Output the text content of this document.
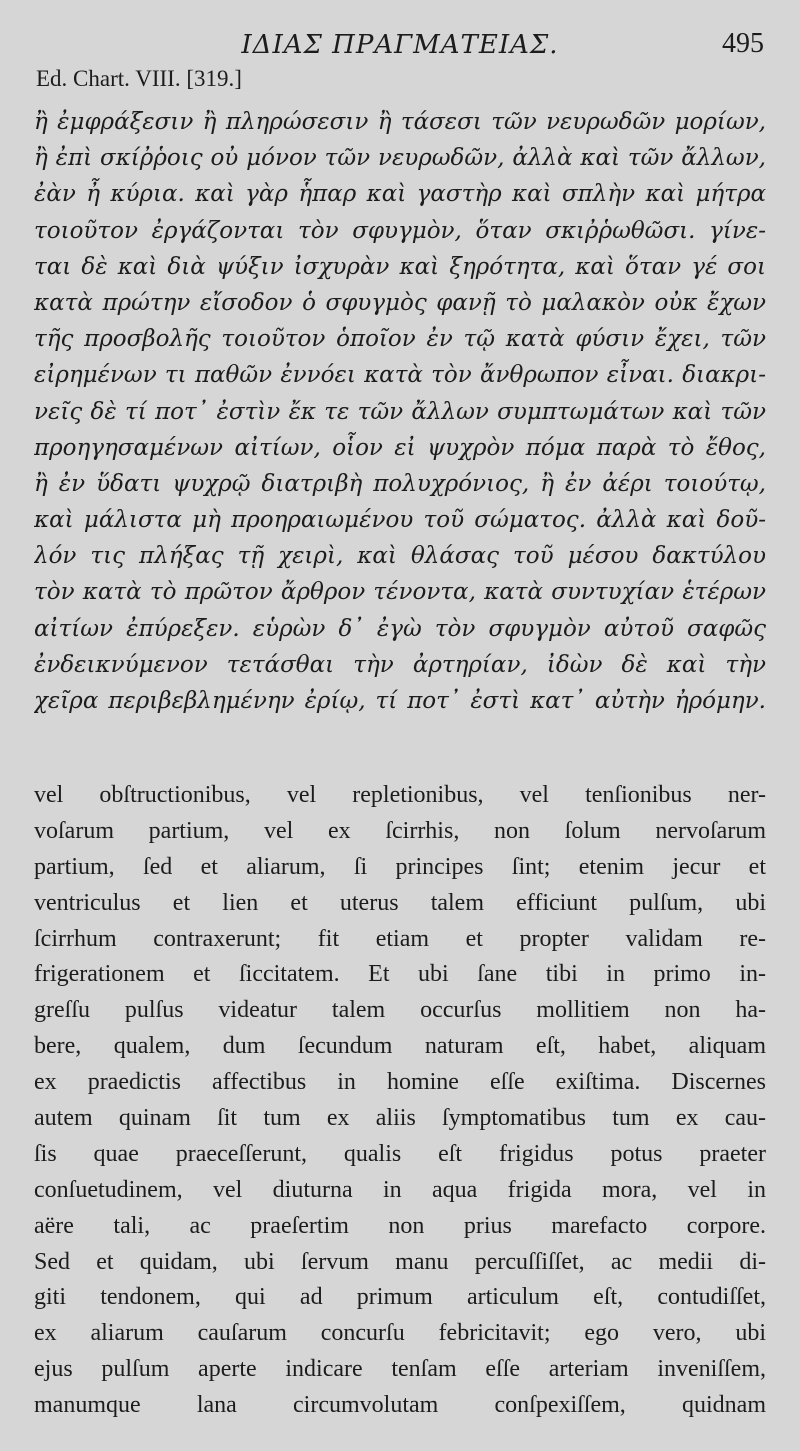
ΙΔΙΑΣ ΠΡΑΓΜΑΤΕΙΑΣ.	495
Ed. Chart. VIII. [319.]
ἢ ἐμφράξεσιν ἢ πληρώσεσιν ἢ τάσεσι τῶν νευρωδῶν μορίων,
ἢ ἐπὶ σκίῤῥοις οὐ μόνον τῶν νευρωδῶν, ἀλλὰ καὶ τῶν ἄλλων,
ἐὰν ἦ κύρια. καὶ γὰρ ἧπαρ καὶ γαστὴρ καὶ σπλὴν καὶ μήτρα
τοιοῦτον ἐργάζονται τὸν σφυγμὸν, ὅταν σκιῤῥωθῶσι. γίνε-
ται δὲ καὶ διὰ ψύξιν ἰσχυρὰν καὶ ξηρότητα, καὶ ὅταν γέ σοι
κατὰ πρώτην εἴσοδον ὁ σφυγμὸς φανῇ τὸ μαλακὸν οὐκ ἔχων
τῆς προσβολῆς τοιοῦτον ὁποῖον ἐν τῷ κατὰ φύσιν ἔχει, τῶν
εἰρημένων τι παθῶν ἐννόει κατὰ τὸν ἄνθρωπον εἶναι. διακρι-
νεῖς δὲ τί ποτ᾽ ἐστὶν ἔκ τε τῶν ἄλλων συμπτωμάτων καὶ τῶν
προηγησαμένων αἰτίων, οἷον εἰ ψυχρὸν πόμα παρὰ τὸ ἔθος,
ἢ ἐν ὕδατι ψυχρῷ διατριβὴ πολυχρόνιος, ἢ ἐν ἀέρι τοιούτῳ,
καὶ μάλιστα μὴ προηραιωμένου τοῦ σώματος. ἀλλὰ καὶ δοῦ-
λόν τις πλήξας τῇ χειρὶ, καὶ θλάσας τοῦ μέσου δακτύλου
τὸν κατὰ τὸ πρῶτον ἄρθρον τένοντα, κατὰ συντυχίαν ἑτέρων
αἰτίων ἐπύρεξεν. εὑρὼν δ᾽ ἐγὼ τὸν σφυγμὸν αὐτοῦ σαφῶς
ἐνδεικνύμενον τετάσθαι τὴν ἀρτηρίαν, ἰδὼν δὲ καὶ τὴν
χεῖρα περιβεβλημένην ἐρίῳ, τί ποτ᾽ ἐστὶ κατ᾽ αὐτὴν ἠρόμην.
vel obſtructionibus, vel repletionibus, vel tenſionibus ner-
voſarum partium, vel ex ſcirrhis, non ſolum nervoſarum
partium, ſed et aliarum, ſi principes ſint; etenim jecur et
ventriculus et lien et uterus talem efficiunt pulſum, ubi
ſcirrhum contraxerunt; fit etiam et propter validam re-
frigerationem et ſiccitatem. Et ubi ſane tibi in primo in-
greſſu pulſus videatur talem occurſus mollitiem non ha-
bere, qualem, dum ſecundum naturam eſt, habet, aliquam
ex praedictis affectibus in homine eſſe exiſtima. Discernes
autem quinam ſit tum ex aliis ſymptomatibus tum ex cau-
ſis quae praeceſſerunt, qualis eſt frigidus potus praeter
conſuetudinem, vel diuturna in aqua frigida mora, vel in
aëre tali, ac praeſertim non prius marefacto corpore.
Sed et quidam, ubi ſervum manu percuſſiſſet, ac medii di-
giti tendonem, qui ad primum articulum eſt, contudiſſet,
ex aliarum cauſarum concurſu febricitavit; ego vero, ubi
ejus pulſum aperte indicare tenſam eſſe arteriam inveniſſem,
manumque lana circumvolutam conſpexiſſem, quidnam
